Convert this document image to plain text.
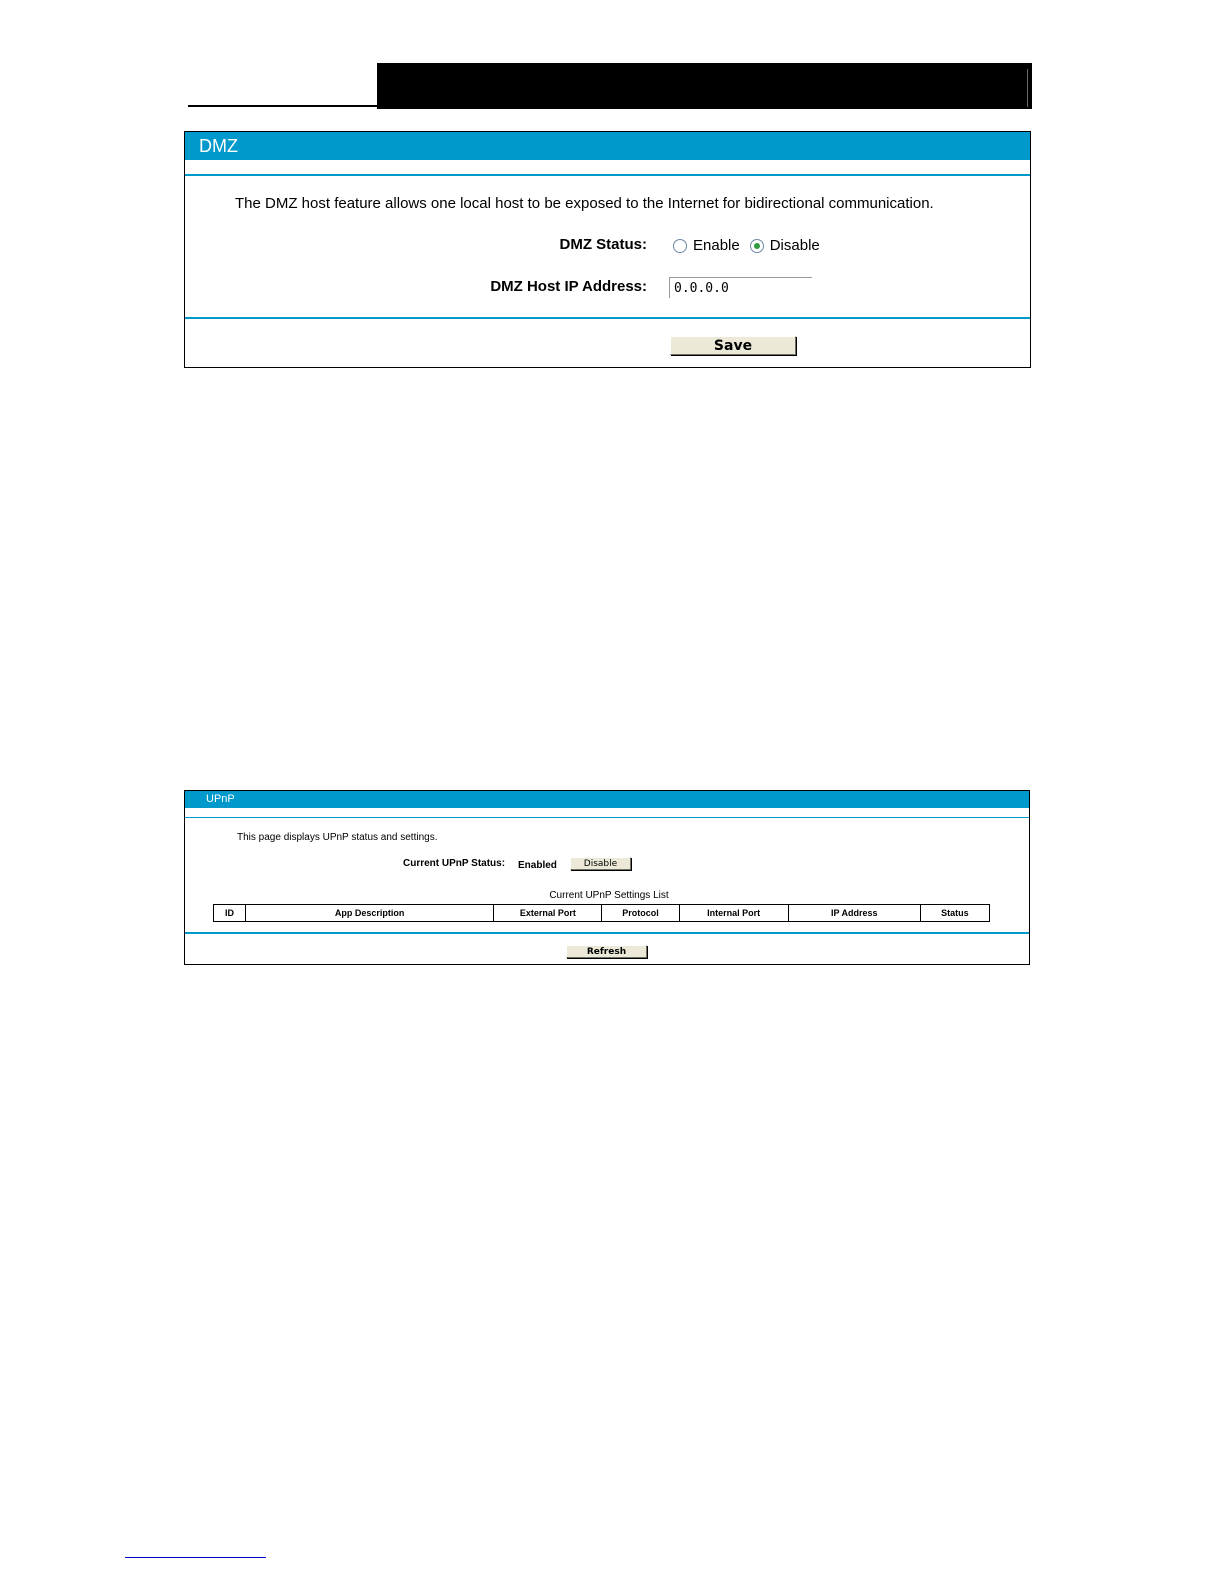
DMZ
The DMZ host feature allows one local host to be exposed to the Internet for bidirectional communication.
DMZ Status:	Enable Disable
DMZ Host IP Address:
0.0.0.0
Save
UPnP
This page displays UPnP status and settings.
Current UPnP Status: Enabled	Disable
Current UPnP Settings List
ID	App Description	External Port	Protocol	Internal Port	IP Address	Status
Refresh
